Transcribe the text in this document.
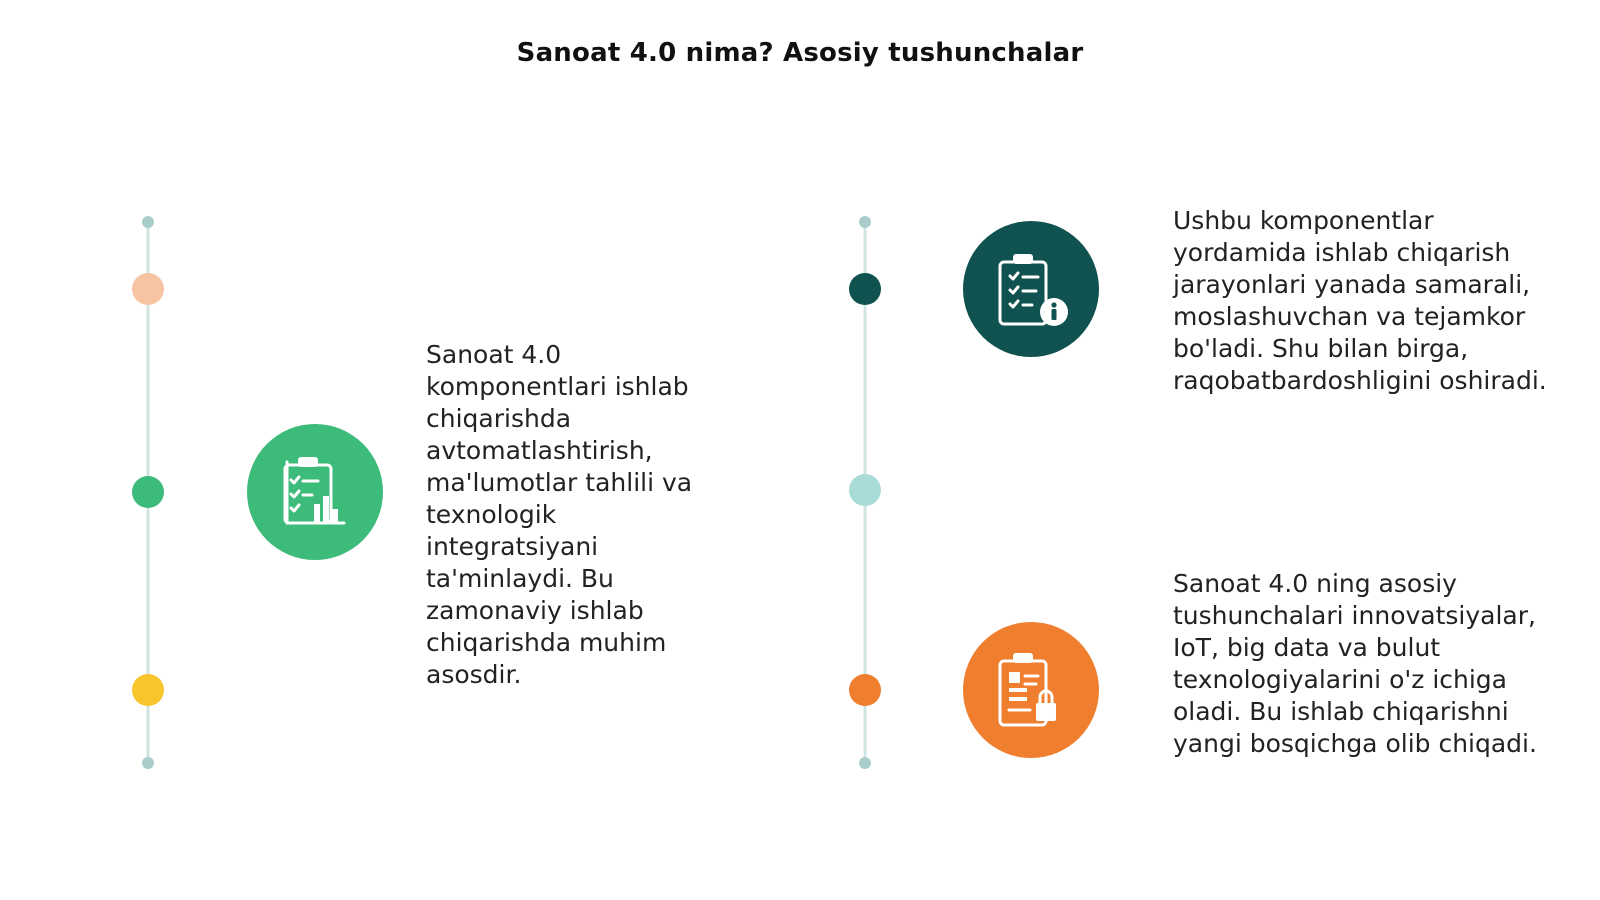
Sanoat 4.0 nima? Asosiy tushunchalar
Sanoat 4.0 komponentlari ishlab chiqarishda avtomatlashtirish, ma'lumotlar tahlili va texnologik integratsiyani ta'minlaydi. Bu zamonaviy ishlab chiqarishda muhim asosdir.
Ushbu komponentlar yordamida ishlab chiqarish jarayonlari yanada samarali, moslashuvchan va tejamkor bo'ladi. Shu bilan birga, raqobatbardoshligini oshiradi.
Sanoat 4.0 ning asosiy tushunchalari innovatsiyalar, IoT, big data va bulut texnologiyalarini o'z ichiga oladi. Bu ishlab chiqarishni yangi bosqichga olib chiqadi.
